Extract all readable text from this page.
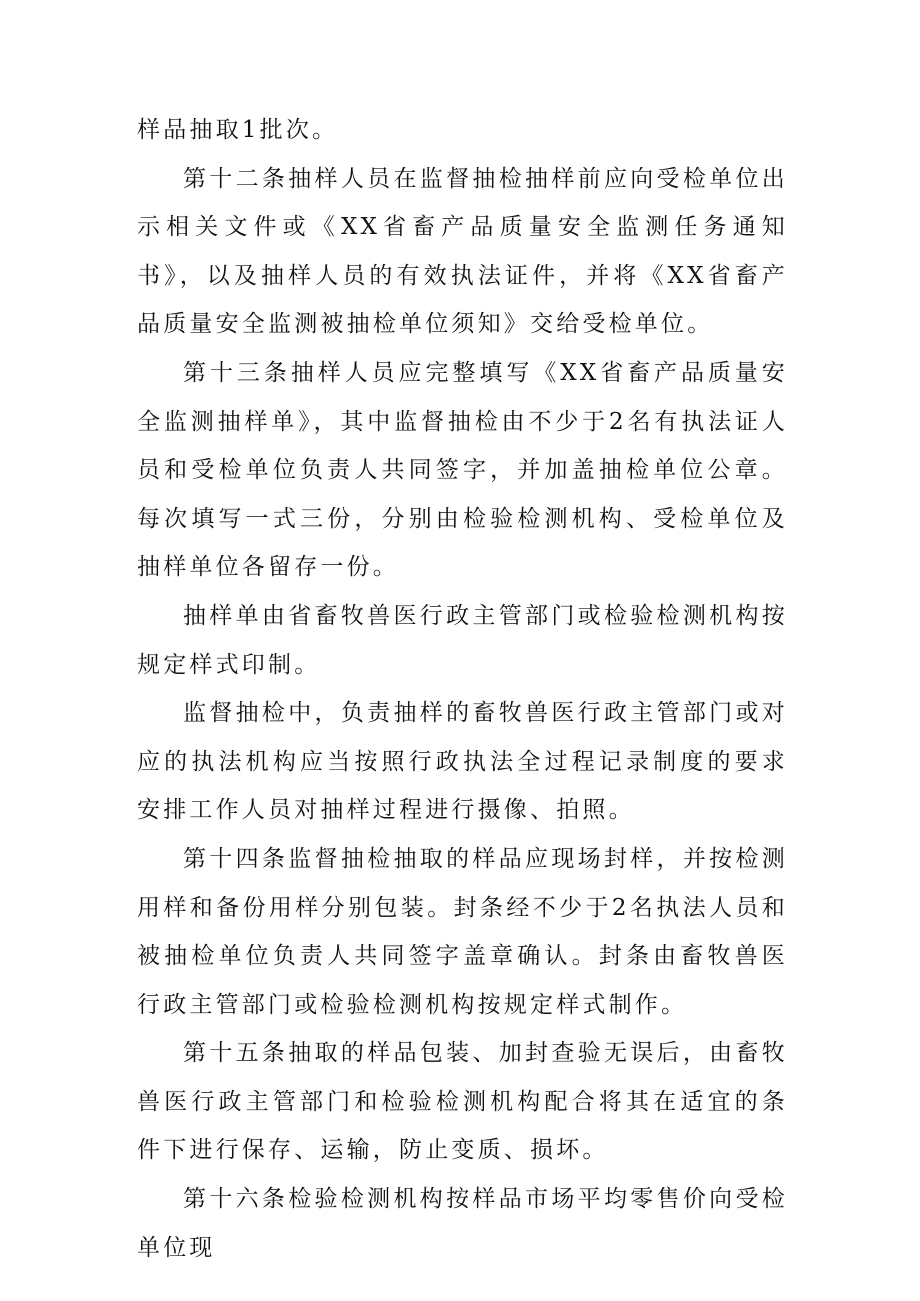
样品抽取1批次。

第十二条抽样人员在监督抽检抽样前应向受检单位出示相关文件或《XX省畜产品质量安全监测任务通知书》，以及抽样人员的有效执法证件，并将《XX省畜产品质量安全监测被抽检单位须知》交给受检单位。

第十三条抽样人员应完整填写《XX省畜产品质量安全监测抽样单》，其中监督抽检由不少于2名有执法证人员和受检单位负责人共同签字，并加盖抽检单位公章。每次填写一式三份，分别由检验检测机构、受检单位及抽样单位各留存一份。

抽样单由省畜牧兽医行政主管部门或检验检测机构按规定样式印制。

监督抽检中，负责抽样的畜牧兽医行政主管部门或对应的执法机构应当按照行政执法全过程记录制度的要求安排工作人员对抽样过程进行摄像、拍照。

第十四条监督抽检抽取的样品应现场封样，并按检测用样和备份用样分别包装。封条经不少于2名执法人员和被抽检单位负责人共同签字盖章确认。封条由畜牧兽医行政主管部门或检验检测机构按规定样式制作。

第十五条抽取的样品包装、加封查验无误后，由畜牧兽医行政主管部门和检验检测机构配合将其在适宜的条件下进行保存、运输，防止变质、损坏。

第十六条检验检测机构按样品市场平均零售价向受检单位现
